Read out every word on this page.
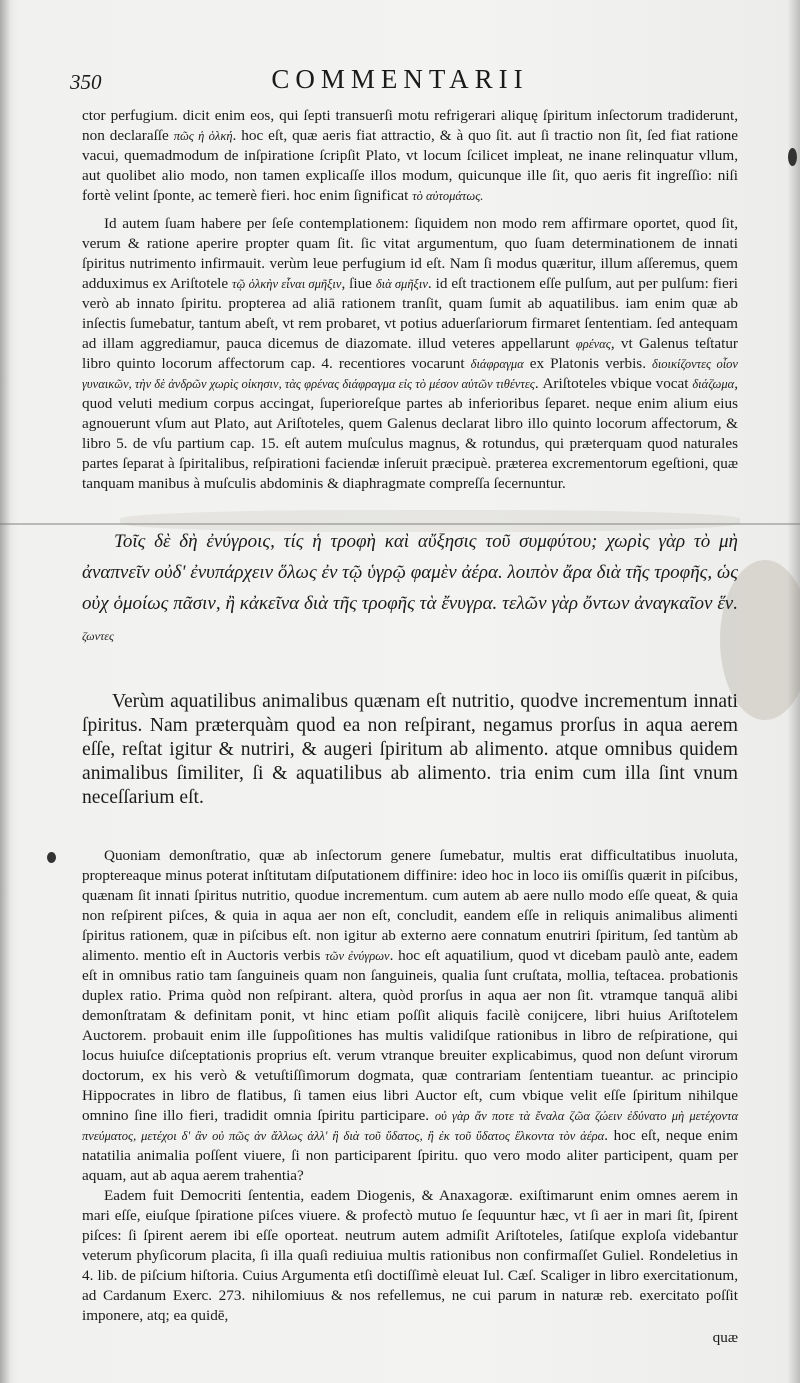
350	COMMENTARII

ctor perfugium. dicit enim eos, qui ſepti transuerſi motu refrigerari aliquę ſpiritum inſectorum tradiderunt, non declaraſſe πῶς ἡ ὁλκή. hoc eſt, quæ aeris fiat attractio, & à quo ſit. aut ſi tractio non ſit, ſed fiat ratione vacui, quemadmodum de inſpiratione ſcripſit Plato, vt locum ſcilicet impleat, ne inane relinquatur vllum, aut quolibet alio modo, non tamen explicaſſe illos modum, quicunque ille ſit, quo aeris fit ingreſſio: niſi fortè velint ſponte, ac temerè fieri. hoc enim ſignificat τὸ αὐτομάτως.

Id autem ſuam habere per ſeſe contemplationem: ſiquidem non modo rem affirmare oportet, quod ſit, verum & ratione aperire propter quam ſit. ſic vitat argumentum, quo ſuam determinationem de innati ſpiritus nutrimento infirmauit. verùm leue perfugium id eſt. Nam ſi modus quæritur, illum aſſeremus, quem adduximus ex Ariſtotele τῷ ὁλκὴν εἶναι σμῆξιν, ſiue διὰ σμῆξιν. id eſt tractionem eſſe pulſum, aut per pulſum: fieri verò ab innato ſpiritu. propterea ad aliā rationem tranſit, quam ſumit ab aquatilibus. iam enim quæ ab inſectis ſumebatur, tantum abeſt, vt rem probaret, vt potius aduerſariorum firmaret ſententiam. ſed antequam ad illam aggrediamur, pauca dicemus de diazomate. illud veteres appellarunt φρένας, vt Galenus teſtatur libro quinto locorum affectorum cap. 4. recentiores vocarunt διάφραγμα ex Platonis verbis. διοικίζοντες οἷον γυναικῶν, τὴν δὲ ἀνδρῶν χωρὶς οἰκησιν, τὰς φρένας διάφραγμα εἰς τὸ μέσον αὐτῶν τιθέντες. Ariſtoteles vbique vocat διάζωμα, quod veluti medium corpus accingat, ſuperioreſque partes ab inferioribus ſeparet. neque enim alium eius agnouerunt vſum aut Plato, aut Ariſtoteles, quem Galenus declarat libro illo quinto locorum affectorum, & libro 5. de vſu partium cap. 15. eſt autem muſculus magnus, & rotundus, qui præterquam quod naturales partes ſeparat à ſpiritalibus, reſpirationi faciendæ inſeruit præcipuè. præterea excrementorum egeſtioni, quæ tanquam manibus à muſculis abdominis & diaphragmate compreſſa ſecernuntur.

Τοῖς δὲ δὴ ἐνύγροις, τίς ἡ τροφὴ καὶ αὔξησις τοῦ συμφύτου; χωρὶς γὰρ τὸ μὴ ἀναπνεῖν οὐδ' ἐνυπάρχειν ὅλως ἐν τῷ ὑγρῷ φαμὲν ἀέρα. λοιπὸν ἄρα διὰ τῆς τροφῆς, ὡς οὐχ ὁμοίως πᾶσιν, ἢ κἀκεῖνα διὰ τῆς τροφῆς τὰ ἔνυγρα. τελῶν γὰρ ὄντων ἀναγκαῖον ἕν. ζωντες

Verùm aquatilibus animalibus quænam eſt nutritio, quodve incrementum innati ſpiritus. Nam præterquàm quod ea non reſpirant, negamus prorſus in aqua aerem eſſe, reſtat igitur & nutriri, & augeri ſpiritum ab alimento. atque omnibus quidem animalibus ſimiliter, ſi & aquatilibus ab alimento. tria enim cum illa ſint vnum neceſſarium eſt.

Quoniam demonſtratio, quæ ab inſectorum genere ſumebatur, multis erat difficultatibus inuoluta, proptereaque minus poterat inſtitutam diſputationem diffinire: ideo hoc in loco iis omiſſis quærit in piſcibus, quænam ſit innati ſpiritus nutritio, quodue incrementum. cum autem ab aere nullo modo eſſe queat, & quia non reſpirent piſces, & quia in aqua aer non eſt, concludit, eandem eſſe in reliquis animalibus alimenti ſpiritus rationem, quæ in piſcibus eſt. non igitur ab externo aere connatum enutriri ſpiritum, ſed tantùm ab alimento. mentio eſt in Auctoris verbis τῶν ἐνύγρων. hoc eſt aquatilium, quod vt dicebam paulò ante, eadem eſt in omnibus ratio tam ſanguineis quam non ſanguineis, qualia ſunt cruſtata, mollia, teſtacea. probationis duplex ratio. Prima quòd non reſpirant. altera, quòd prorſus in aqua aer non ſit. vtramque tanquā alibi demonſtratam & definitam ponit, vt hinc etiam poſſit aliquis facilè conijcere, libri huius Ariſtotelem Auctorem. probauit enim ille ſuppoſitiones has multis validiſque rationibus in libro de reſpiratione, qui locus huiuſce diſceptationis proprius eſt. verum vtranque breuiter explicabimus, quod non deſunt virorum doctorum, ex his verò & vetuſtiſſimorum dogmata, quæ contrariam ſententiam tueantur. ac principio Hippocrates in libro de flatibus, ſi tamen eius libri Auctor eſt, cum vbique velit eſſe ſpiritum nihilque omnino ſine illo fieri, tradidit omnia ſpiritu participare. οὐ γὰρ ἄν ποτε τὰ ἔναλα ζῶα ζώειν ἐδύνατο μὴ μετέχοντα πνεύματος, μετέχοι δ' ἂν οὐ πῶς ἀν ἄλλως ἀλλ' ἢ διὰ τοῦ ὕδατος, ἢ ἐκ τοῦ ὕδατος ἕλκοντα τὸν ἀέρα. hoc eſt, neque enim natatilia animalia poſſent viuere, ſi non participarent ſpiritu. quo vero modo aliter participent, quam per aquam, aut ab aqua aerem trahentia?

Eadem fuit Democriti ſententia, eadem Diogenis, & Anaxagoræ. exiſtimarunt enim omnes aerem in mari eſſe, eiuſque ſpiratione piſces viuere. & profectò mutuo ſe ſequuntur hæc, vt ſi aer in mari ſit, ſpirent piſces: ſi ſpirent aerem ibi eſſe oporteat. neutrum autem admiſit Ariſtoteles, ſatiſque exploſa videbantur veterum phyſicorum placita, ſi illa quaſi rediuiua multis rationibus non confirmaſſet Guliel. Rondeletius in 4. lib. de piſcium hiſtoria. Cuius Argumenta etſi doctiſſimè eleuat Iul. Cæſ. Scaliger in libro exercitationum, ad Cardanum Exerc. 273. nihilomiuus & nos refellemus, ne cui parum in naturæ reb. exercitato poſſit imponere, atq; ea quidē,

quæ
